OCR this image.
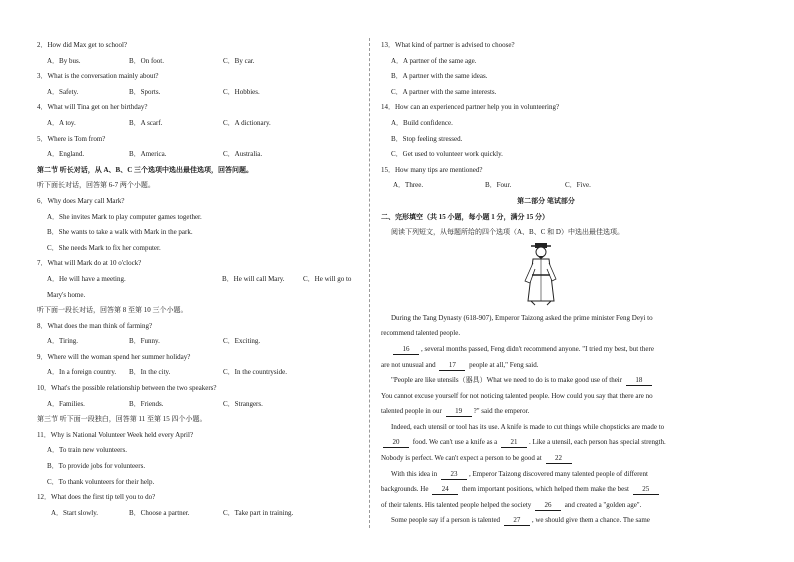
2．How did Max get to school?
A．By bus.	B．On foot.	C．By car.
3．What is the conversation mainly about?
A．Safety.	B．Sports.	C．Hobbies.
4．What will Tina get on her birthday?
A．A toy.	B．A scarf.	C．A dictionary.
5．Where is Tom from?
A．England.	B．America.	C．Australia.
第二节 听长对话，从 A、B、C 三个选项中选出最佳选项，回答问题。
听下面长对话，回答第 6-7 两个小题。
6．Why does Mary call Mark?
A．She invites Mark to play computer games together.
B．She wants to take a walk with Mark in the park.
C．She needs Mark to fix her computer.
7．What will Mark do at 10 o'clock?
A．He will have a meeting.	B．He will call Mary.	C．He will go to
Mary's home.
听下面一段长对话，回答第 8 至第 10 三个小题。
8．What does the man think of farming?
A．Tiring.	B．Funny.	C．Exciting.
9．Where will the woman spend her summer holiday?
A．In a foreign country. B．In the city.	C．In the countryside.
10．What's the possible relationship between the two speakers?
A．Families.	B．Friends.	C．Strangers.
第三节 听下面一段独白，回答第 11 至第 15 四个小题。
11．Why is National Volunteer Week held every April?
A．To train new volunteers.
B．To provide jobs for volunteers.
C．To thank volunteers for their help.
12．What does the first tip tell you to do?
A．Start slowly.	B．Choose a partner.	C．Take part in training.
13．What kind of partner is advised to choose?
A．A partner of the same age.
B．A partner with the same ideas.
C．A partner with the same interests.
14．How can an experienced partner help you in volunteering?
A．Build confidence.
B．Stop feeling stressed.
C．Get used to volunteer work quickly.
15．How many tips are mentioned?
A．Three.	B．Four.	C．Five.
第二部分 笔试部分
二、完形填空（共 15 小题，每小题 1 分，满分 15 分）
阅读下列短文，从每题所给的四个选项（A、B、C 和 D）中选出最佳选项。
During the Tang Dynasty (618-907), Emperor Taizong asked the prime minister Feng Deyi to
recommend talented people.
16 , several months passed, Feng didn't recommend anyone. "I tried my best, but there
are not unusual and 17 people at all," Feng said.
"People are like utensils（器具）What we need to do is to make good use of their 18
You cannot excuse yourself for not noticing talented people. How could you say that there are no
talented people in our 19 ?" said the emperor.
Indeed, each utensil or tool has its use. A knife is made to cut things while chopsticks are made to
20 food. We can't use a knife as a 21 . Like a utensil, each person has special strength.
Nobody is perfect. We can't expect a person to be good at 22
With this idea in 23 , Emperor Taizong discovered many talented people of different
backgrounds. He 24 them important positions, which helped them make the best 25
of their talents. His talented people helped the society 26 and created a "golden age".
Some people say if a person is talented 27 , we should give them a chance. The same
